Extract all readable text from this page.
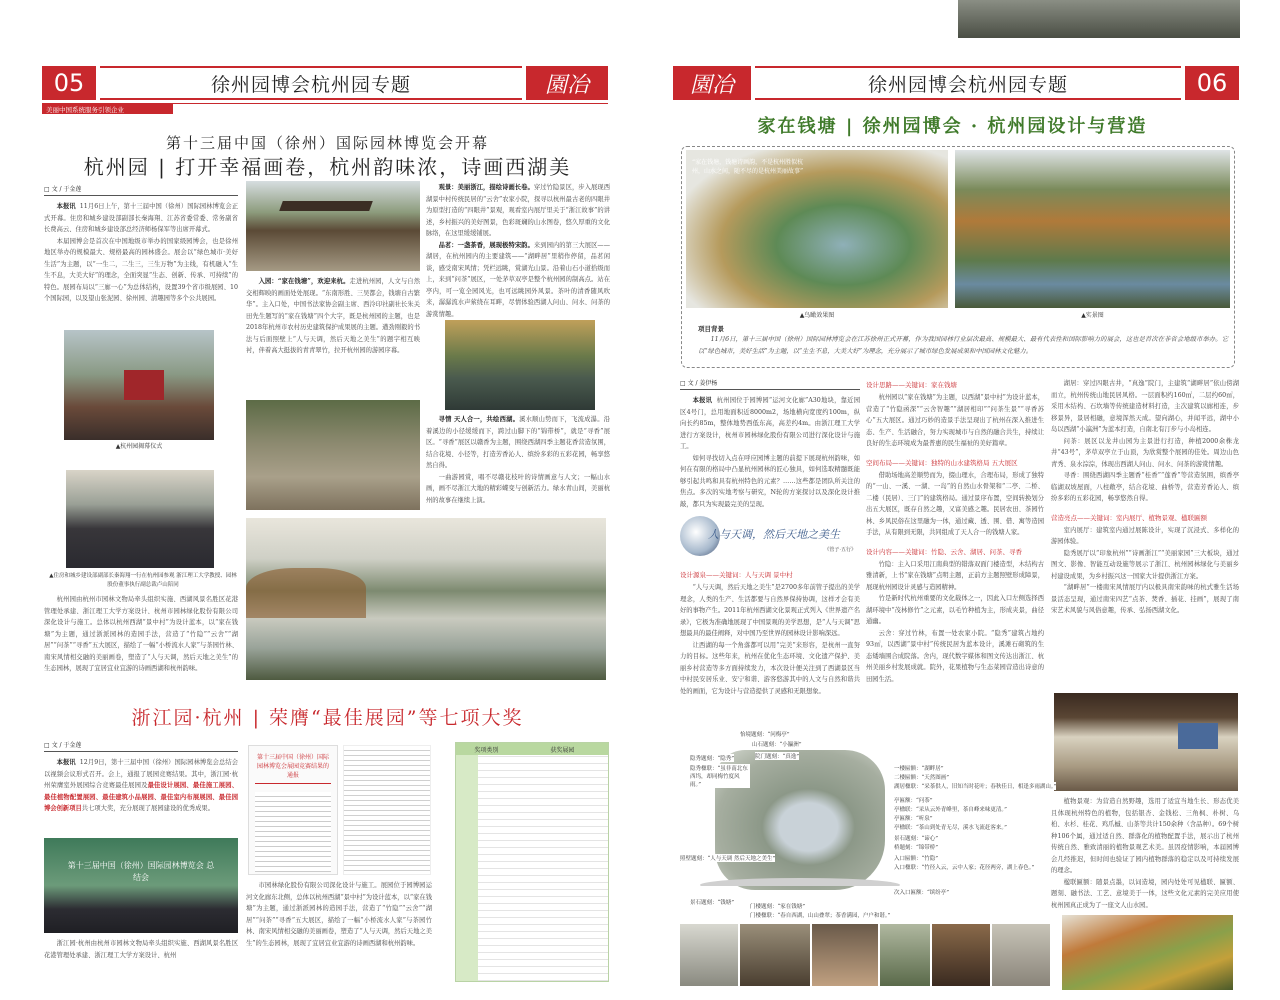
05	徐州园博会杭州园专题	園冶
美丽中国系统服务引领企业
第十三届中国（徐州）国际园林博览会开幕
杭州园 | 打开幸福画卷，杭州韵味浓，诗画西湖美
□ 文 / 于金莲

本报讯 11月6日上午，第十三届中国（徐州）国际园林博览会正式开幕。住房和城乡建设部副部长秦海翔、江苏省委常委、常务副省长费高云、住房和城乡建设部总经济师杨保军等出席开幕式。

本届园博会是首次在中国地级市举办的国家级园博会，也是徐州地区举办的规模最大、规格最高的园林盛会。展会以“绿色城市·美好生活”为主题，以“一生二，二生三，三生万物”为主线，有机融入“生生不息，大美大好”的理念，全面突显“生态、创新、传承、可持续”的特色。展园布局以“三廊一心”为总体结构，设置39个省市级展园、10个国际园，以及望山张泥园、徐州园、清趣园等多个公共展园。

▲杭州园揭幕仪式
▲住房和城乡建设部副部长秦海翔一行在杭州园参观 浙江理工大学教授、园林股份董事执行副总裁卢山陪同

杭州园由杭州市园林文物局牵头组织实施、西湖风景名胜区花港管理处承建、浙江理工大学方案设计、杭州市园林绿化股份有限公司深化设计与施工。总体以杭州西湖“景中村”为设计蓝本，以“家在钱塘”为主题，通过浙派园林的造园手法，营造了“竹隐”“云舍”“湖居”“问茶”“寻香”五大展区，描绘了一幅“小桥流水人家”与茶园竹林、南宋风情相交融的美丽画卷，塑造了“人与天调，然后天地之美生”的生态园林，展现了宜居宜业宜游的诗画西湖和杭州韵味。

入园：“家在钱塘”，欢迎来杭。走进杭州园，人文与自然交相辉映的画面处处展现。“东南形胜、三吴都会，钱塘自古繁华”。主入口处，中国书法家协会副主席、西泠印社副社长朱关田先生题写的“家在钱塘”四个大字，既是杭州园的主题，也是2018年杭州市农村历史建筑保护成果展的主题。遒劲刚毅的书法与后面照壁上“人与天调，然后天地之美生”的题字相互映衬，伴着高大挺拔的青青翠竹，拉开杭州园的游园序幕。

观景：美丽浙江，描绘诗画长卷。穿过竹隐景区，步入展现西湖景中村传统民居的“云舍”农家小院，探寻以杭州最古老的四眼井为原型打造的“四眼井”景观，观看室内展厅里关于“浙江故事”的讲述，乡村振兴的美好图景，色彩斑斓的山水图卷，悠久厚重的文化脉络，在这里缓缓铺展。

品茗：一盏茶香，展现极特宋韵。来到园内的第三大展区——湖居，在杭州园内的主要建筑——“湖畔居”里稍作停留，品茗闲谈，感受南宋风情；凭栏远眺，赏湖光山景。沿着山石小道拾级而上，来到“问茶”展区，一处茅草双亭是整个杭州园的制高点。站在亭内，可一览全园风光，也可远眺园外风景。茶叶的清香随风吹来，潺潺流水声萦绕在耳畔，尽情体验西湖人问山、问水、问茶的游赏情趣。

寻情 天人合一，共绘西湖。溪水顺山势而下，飞流成瀑。沿着溪边的小径缓缓而下，跨过山脚下的“锦带桥”，就是“寻香”展区。“寻香”展区以赣香为主题，围绕西湖四季主题花香营造氛围，结合花境、小径等，打造芳香沁人、缤纷多彩的五彩花园，畅享悠然自得。

一曲游园赏，唱不尽赣花枝叶的诗情画意与人文；一幅山水画，画不尽浙江大地的精彩蝶变与创新活力。绿水青山间，美丽杭州的故事在继续上演。

浙江园·杭州 | 荣膺“最佳展园”等七项大奖
□ 文 / 于金莲

本报讯 12月9日，第十三届中国（徐州）国际园林博览会总结会以视频会议形式召开。会上，通报了展园竞赛结果。其中，浙江园·杭州荣膺室外展园综合竞赛最佳展园及最佳设计展园、最佳施工展园、最佳植物配置展园、最佳建筑小品展园、最佳室内布展展园、最佳园博会创新项目共七项大奖，充分展现了展园建设的优秀成果。

第十三届中国（徐州）国际园林博览会 总结会

浙江园·杭州由杭州市园林文物局牵头组织实施、西湖风景名胜区花港管理处承建、浙江理工大学方案设计、杭州

第十三届中国（徐州）国际园林博览会展园竞赛结果的通报

市园林绿化股份有限公司深化设计与施工。展园位于园博园运河文化廊东北侧，总体以杭州西湖“景中村”为设计蓝本，以“家在钱塘”为主题，通过浙派园林的造园手法，营造了“竹隐”“云舍”“湖居”“问茶”“寻香”五大展区，描绘了一幅“小桥流水人家”与茶园竹林、南宋风情相交融的美丽画卷，塑造了“人与天调，然后天地之美生”的生态园林，展现了宜居宜业宜游的诗画西湖和杭州韵味。

奖项类别	获奖展园
園冶	徐州园博会杭州园专题	06
家在钱塘 | 徐州园博会 · 杭州园设计与营造
“家在钱塘，钱塘诗画韵，不是杭州胜似杭州，山水之间，随不尽的是杭州美丽故事”
▲鸟瞰效果图	▲实景图
项目背景

11月6日，第十三届中国（徐州）国际园林博览会在江苏徐州正式开幕，作为我国园林行业层次最高、规模最大、最有代表性和国际影响力的展会，这也是首次在非省会地级市举办。它以“绿色城市，美好生活”为主题，以“生生不息，大美大好”为理念，充分展示了城市绿色发展成果和中国园林文化魅力。

□ 文 / 姜伊杨

本报讯 杭州园位于园博园“运河文化廊”A30地块，靠近园区4号门，总用地面积近8000m2，场地横向宽度约100m，纵向长约85m，整体地势西低东高，高差约4m。由浙江理工大学进行方案设计，杭州市园林绿化股份有限公司进行深化设计与施工。

如何寻找切入点在呼应园博主题的前提下展现杭州韵味，如何在有限的格局中凸显杭州园林的匠心独具，如何选取精髓既能够引起共鸣和具有杭州特色的元素？……这些都是团队所关注的焦点。多次的实地考察与研究，N轮的方案探讨以及深化设计推敲，都只为实现最完美的呈现。

人与天调，然后天地之美生
《管子·五行》
设计源泉——关键词：人与天调 景中村

“人与天调，然后天地之美生”是2700多年前管子提出的美学理念，人类的生产、生活都要与自然界保持协调，这样才会有美好的事物产生。2011年杭州西湖文化景观正式列入《世界遗产名录》，它极为准确地展现了中国景观的美学思想，是“人与天调”思想最具的最佳阐释，对中国乃至世界的园林设计影响深远。

让西湖的每一个角落都可以用“完美”来形容，是杭州一直努力的目标。这些年来，杭州在优化生态环境、文化遗产保护、美丽乡村营造等多方面持续发力，本次设计便关注到了西湖景区当中村民安居乐业、安宁和谐、游客悠游其中的人文与自然和谐共处的画面，它为设计与营造提供了灵感和无限想象。

设计思路——关键词：家在钱塘

杭州园以“家在钱塘”为主题，以西湖“景中村”为设计蓝本，营造了“竹隐函深”“云舍智趣”“湖居相印”“问茶生景”“寻香苏心”五大展区。通过巧妙的造景手法呈现出了杭州在深入推进生态、生产、生活融合，努力实现城市与自然的融合共生，持续让良好的生态环境成为最普惠的民生福祉的美好篇章。

空间布局——关键词：独特的山水建筑格局 五大展区

借助场地高差顺势而为，掇山理水，合理布局，形成了独特的“一山、一溪、一湖、一岛”的自然山水骨架和“二亭、二桥、二楼（民居）、三门”的建筑格局。通过景序布置，空间转换划分出五大展区，既存自然之趣，又富美感之趣。民居农田、茶园竹林、乡风民俗在这里融为一体，通过藏、透、围、借、寓等造园手法，从有限到无限，共同组成了天人合一的钱塘人家。

设计内容——关键词：竹隐、云舍、湖居、问茶、寻香

竹隐：主入口采用江南典型的错落双面门楼造型，木结构古雅清新，上书“家在钱塘”点明主题，正前方主题照壁形成障景，展现杭州园设计灵感与造园精神。

竹是新时代杭州重要的文化载体之一，因此入口左侧选择西湖环境中“茂林修竹”之元素，以毛竹种植为主，形成夹景，曲径通幽。

云舍：穿过竹林，布置一处农家小院。“隐秀”建筑占地约93㎡，以西湖“景中村”传统民居为蓝本设计，溪滩石砌筑的生态矮墙围合成院落。舍内，现代数字媒体和图文传达出浙江、杭州美丽乡村发展成就。院外，花果植物与生态菜园营造出诗意的田园生活。

湖居：穿过四眼古井，“真逸”院门，主建筑“湖畔居”依山傍湖而立，杭州传统山地民居风格。一层面积约160㎡，二层约60㎡，采用木结构、石坎墙等传统建造材料打造，主次建筑以廊相连，步移景异，景居相融，意境浑然天成。望向湖心，并闻平远，湖中小岛以西湖“小瀛洲”为蓝本打造，自南北有汀步与小岛相连。

问茶：展区以龙井山园为主景进行打造，种植2000余株龙井“43号”，茅草双亭立于山顶，为欣赏整个展园的佳处。周边山色青秀、泉水淙淙，体现出西湖人问山、问水、问茶的游赏情趣。

寻香：围绕西湖四季主题香“桂香”“莲香”等营造氛围，缤香亭临湖双坡屋面，八柱敞亭，结合花境、曲桥等，营造芳香沁人、缤纷多彩的五彩花园，畅享悠然自得。

营造亮点——关键词：室内展厅、植物景观、楹联匾额

室内展厅：建筑室内通过展陈设计，实现了沉浸式、多样化的游园体验。

隐秀展厅以“印象杭州”“诗画浙江”“美丽家园”三大板块，通过图文、影像、智能互动设施等展示了浙江、杭州园林绿化与美丽乡村建设成果，为乡村振兴这一国家大计提供浙江方案。

“湖畔居”一楼南宋风情展厅内以极具南宋韵味的杭式雅生活场景活态呈现，通过南宋四艺“点茶、焚香、插花、挂画”，展现了南宋艺术风貌与风俗意趣，传承、弘扬西湖文化。

植物景观：为营造自然野趣，选用了适宜当地生长、形态优美且体现杭州特色的植物，包括银杏、金钱松、三角枫、朴树、乌桕、水杉、桂花、鸡爪槭、山茶等共计150余种（含品种）。69个树种106个属，通过适自然、群落化的植物配置手法，展示出了杭州传统自然、雅致清丽的植物景观艺术美。虽因疫情影响，本届园博会几经推迟，但时间也验证了园内植物群落的稳定以及可持续发展的理念。

楹联匾额：随景点墨，以词造境，园内处处可见楹联、匾额、题刻、融书法、工艺、意境美于一体，这些文化元素的完美应用使杭州园真正成为了一座文人山水园。

怡境题刻：“问梅亭”
山石题刻：“小瀛洲”
院门题刻：“真逸”
隐秀题刻：“隐秀”
隐秀楹联：“虽非南北东西坞，却同梅竹度风雨。”
一楼匾额：“湖畔居”
二楼匾额：“天然图画”
湖居楹联：“采茶供人，旧知当时花叶；春秋佳日，相逢多雨湖山。”
亭匾额：“问茶”
亭楹联：“采从云外青峰里，茶自峰来味更清。”
亭匾额：“听泉”
亭楹联：“茶山到处青无尽，溪水飞流赶客来。”
景石题刻：“谛心”
桥题刻：“锦带桥”
入口匾额：“竹隐”
入口楹联：“竹径入云，云中人家；花径两旁，湖上春色。”
照壁题刻：“人与天调 然后天地之美生”
景石题刻：“钱塘”
门楼题刻：“家在钱塘”
门楼楹联：“春自西湖，山山叠翠；茶香满园，户户和谐。”
次入口匾额：“缤纷亭”
